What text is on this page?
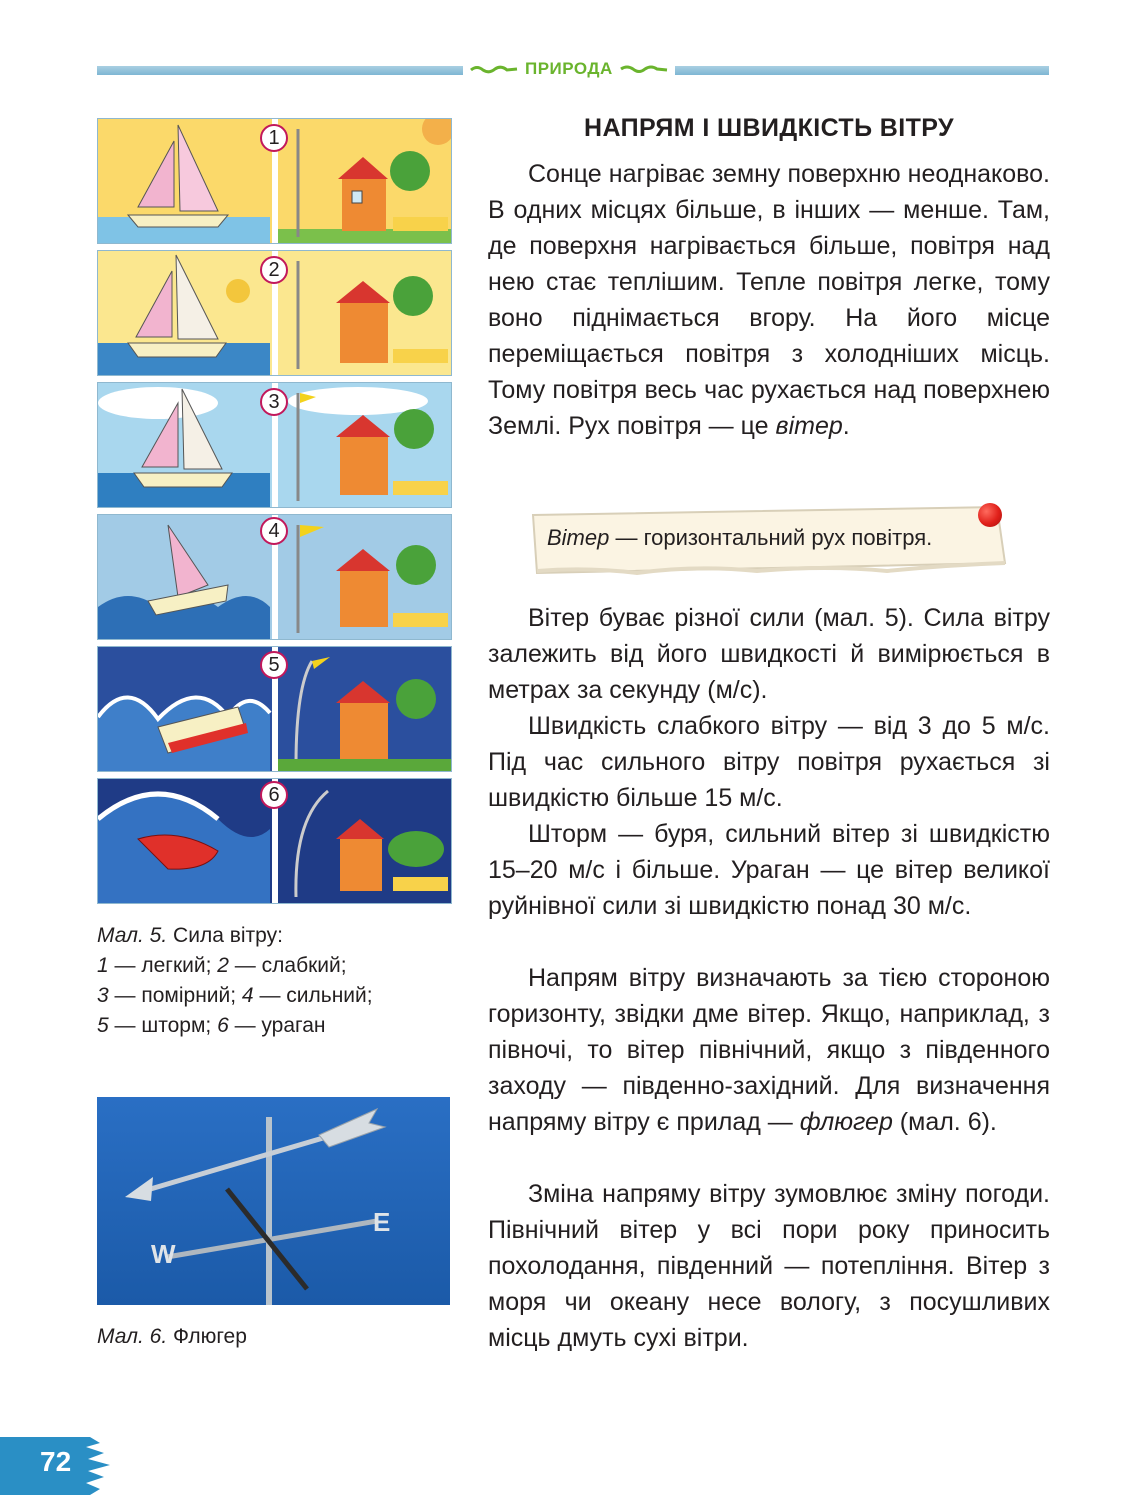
ПРИРОДА
1
2
3
4
5
6
Мал. 5. Сила вітру:
1 — легкий; 2 — слабкий;
3 — помірний; 4 — сильний;
5 — шторм; 6 — ураган
E
W
Мал. 6. Флюгер
НАПРЯМ І ШВИДКІСТЬ ВІТРУ

Сонце нагріває земну поверхню неоднаково. В одних місцях більше, в інших — менше. Там, де поверхня нагрівається більше, повітря над нею стає теплішим. Тепле повітря легке, тому воно піднімається вгору. На його місце переміщається повітря з холодніших місць. Тому повітря весь час рухається над поверхнею Землі. Рух повітря — це вітер.

Вітер — горизонтальний рух повітря.

Вітер буває різної сили (мал. 5). Сила вітру залежить від його швидкості й вимірюється в метрах за секунду (м/с).

Швидкість слабкого вітру — від 3 до 5 м/с. Під час сильного вітру повітря рухається зі швидкістю більше 15 м/с.

Шторм — буря, сильний вітер зі швидкістю 15–20 м/с і більше. Ураган — це вітер великої руйнівної сили зі швидкістю понад 30 м/с.

Напрям вітру визначають за тією стороною горизонту, звідки дме вітер. Якщо, наприклад, з півночі, то вітер північний, якщо з південного заходу — південно-західний. Для визначення напряму вітру є прилад — флюгер (мал. 6).

Зміна напряму вітру зумовлює зміну погоди. Північний вітер у всі пори року приносить похолодання, південний — потепління. Вітер з моря чи океану несе вологу, з посушливих місць дмуть сухі вітри.

72
